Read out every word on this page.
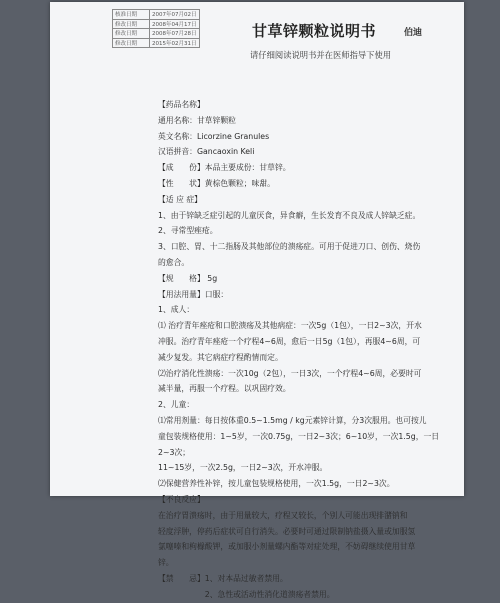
核准日期	2007年07月02日
修改日期	2008年04月17日
修改日期	2008年07月28日
修改日期	2015年02月31日
甘草锌颗粒说明书	伯迪
请仔细阅读说明书并在医师指导下使用

【药品名称】

通用名称：甘草锌颗粒

英文名称：Licorzine Granules

汉语拼音：Gancaoxin Keli

【成　　份】本品主要成份：甘草锌。

【性　　状】黄棕色颗粒；味甜。

【适 应 症】

1、由于锌缺乏症引起的儿童厌食，异食癖，生长发育不良及成人锌缺乏症。

2、寻常型痤疮。

3、口腔、胃、十二指肠及其他部位的溃疡症。可用于促进刀口、创伤、烧伤

的愈合。

【规　　格】 5g

【用法用量】口服：

1、成人：

⑴ 治疗青年痤疮和口腔溃疡及其他病症：一次5g（1包），一日2~3次，开水

冲服。治疗青年痤疮一个疗程4~6周，愈后一日5g（1包），再服4~6周，可

减少复发。其它病症疗程酌情而定。

⑵治疗消化性溃疡：一次10g（2包），一日3次，一个疗程4~6周，必要时可

减半量，再服一个疗程。以巩固疗效。

2、儿童：

⑴常用剂量：每日按体重0.5~1.5mg / kg元素锌计算，分3次服用。也可按儿

童包装规格使用：1~5岁，一次0.75g，一日2~3次；6~10岁，一次1.5g，一日2~3次；

11~15岁，一次2.5g，一日2~3次，开水冲服。

⑵保健营养性补锌，按儿童包装规格使用，一次1.5g，一日2~3次。

【不良反应】

在治疗胃溃疡时，由于用量较大，疗程又较长，个别人可能出现排潴钠和

轻度浮肿，停药后症状可自行消失。必要时可通过限制钠盐摄入量或加服氢

氯噻嗪和枸橼酸钾，或加服小剂量螺内酯等对症处理，不妨碍继续使用甘草

锌。

【禁　　忌】1、对本品过敏者禁用。

　　　　　　2、急性或活动性消化道溃疡者禁用。
